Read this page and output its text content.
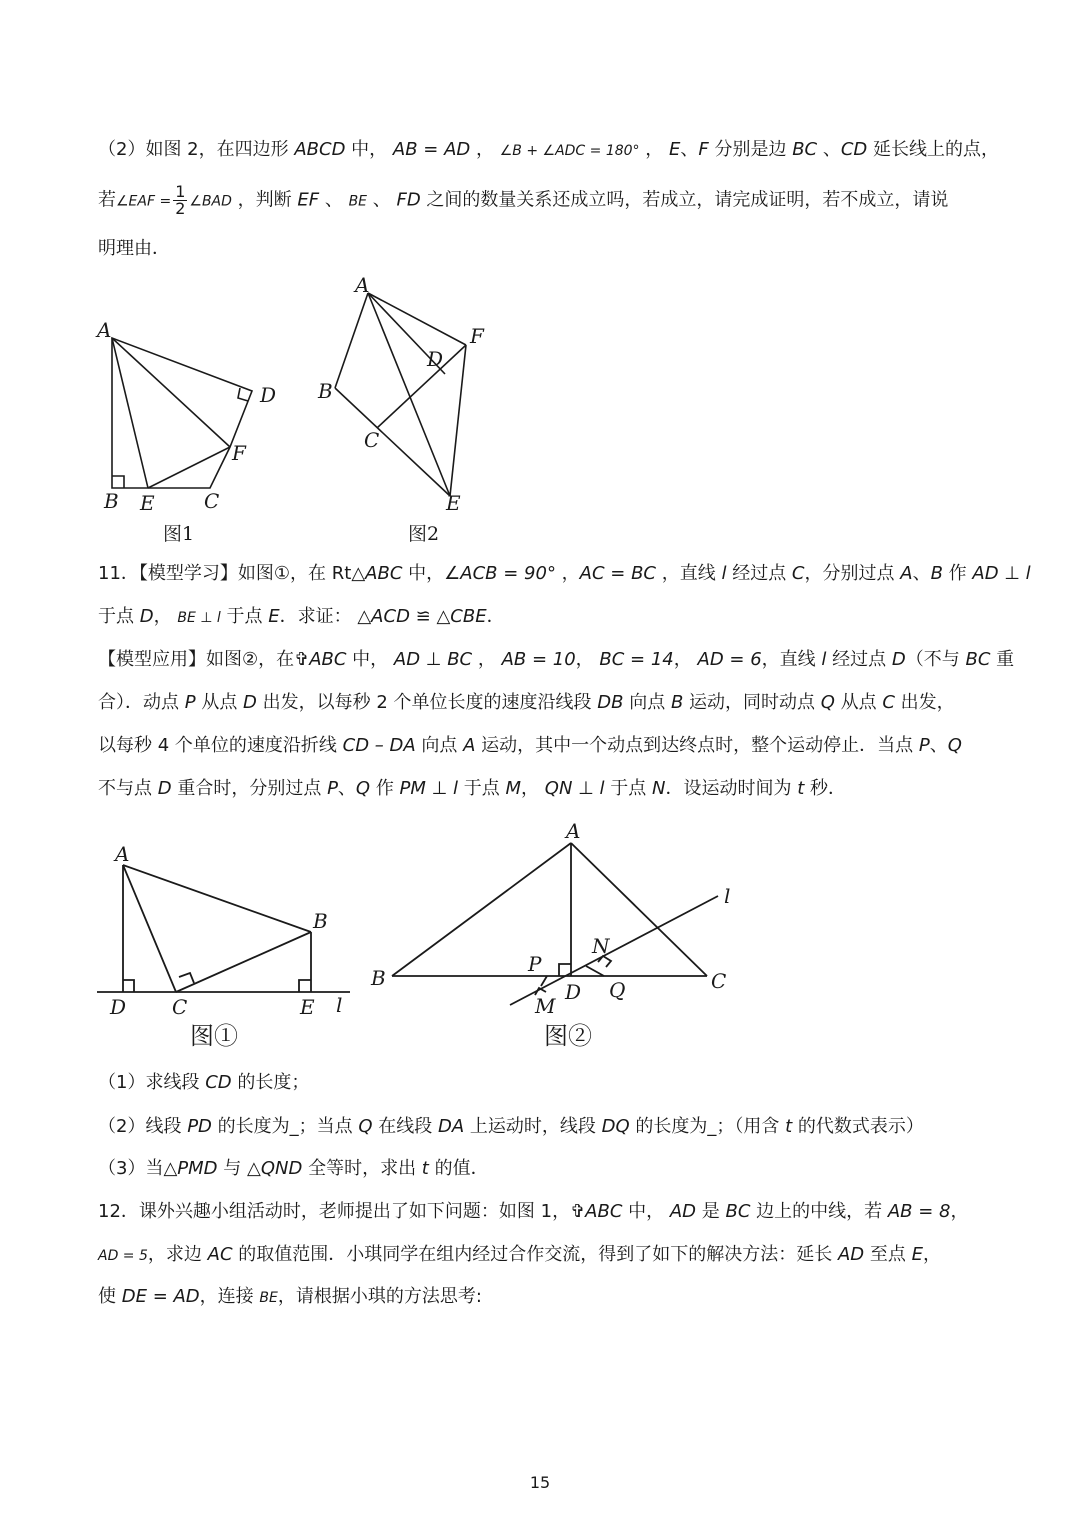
（2）如图 2，在四边形 ABCD 中， AB = AD ， ∠B + ∠ADC = 180° ， E、F 分别是边 BC 、CD 延长线上的点，
若∠EAF = $\frac{1}{2}$ ∠BAD ，判断 EF 、 BE 、 FD 之间的数量关系还成立吗，若成立，请完成证明，若不成立，请说
明理由．
A
B E C
F
D
图1
A
B
C
D
F
E
图2
11．【模型学习】如图①，在 Rt△ABC 中，∠ACB = 90° ，AC = BC ，直线 l 经过点 C，分别过点 A、B 作 AD ⊥ l
于点 D， BE ⊥ l 于点 E．求证： △ACD ≌ △CBE．
【模型应用】如图②，在✞ABC 中， AD ⊥ BC ， AB = 10， BC = 14， AD = 6，直线 l 经过点 D（不与 BC 重
合）．动点 P 从点 D 出发，以每秒 2 个单位长度的速度沿线段 DB 向点 B 运动，同时动点 Q 从点 C 出发，
以每秒 4 个单位的速度沿折线 CD – DA 向点 A 运动，其中一个动点到达终点时，整个运动停止．当点 P、Q
不与点 D 重合时，分别过点 P、Q 作 PM ⊥ l 于点 M， QN ⊥ l 于点 N．设运动时间为 t 秒．
A
B
D C	E l
图①
A
B	C
P
D
M
N
Q
l
图②
（1）求线段 CD 的长度；
（2）线段 PD 的长度为_；当点 Q 在线段 DA 上运动时，线段 DQ 的长度为_；（用含 t 的代数式表示）
（3）当△PMD 与 △QND 全等时，求出 t 的值．
12．课外兴趣小组活动时，老师提出了如下问题：如图 1，✞ABC 中， AD 是 BC 边上的中线，若 AB = 8，
AD = 5，求边 AC 的取值范围．小琪同学在组内经过合作交流，得到了如下的解决方法：延长 AD 至点 E，
使 DE = AD，连接 BE，请根据小琪的方法思考:
15
